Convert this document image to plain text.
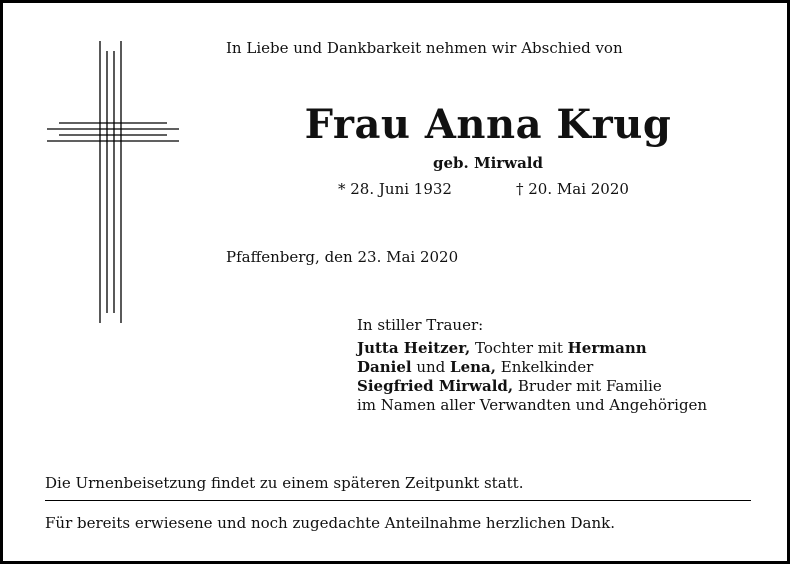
In Liebe und Dankbarkeit nehmen wir Abschied von
Frau Anna Krug
geb. Mirwald
* 28. Juni 1932	† 20. Mai 2020
Pfaffenberg, den 23. Mai 2020
In stiller Trauer:
Jutta Heitzer, Tochter mit Hermann
Daniel und Lena, Enkelkinder
Siegfried Mirwald, Bruder mit Familie
im Namen aller Verwandten und Angehörigen
Die Urnenbeisetzung findet zu einem späteren Zeitpunkt statt.
Für bereits erwiesene und noch zugedachte Anteilnahme herzlichen Dank.
